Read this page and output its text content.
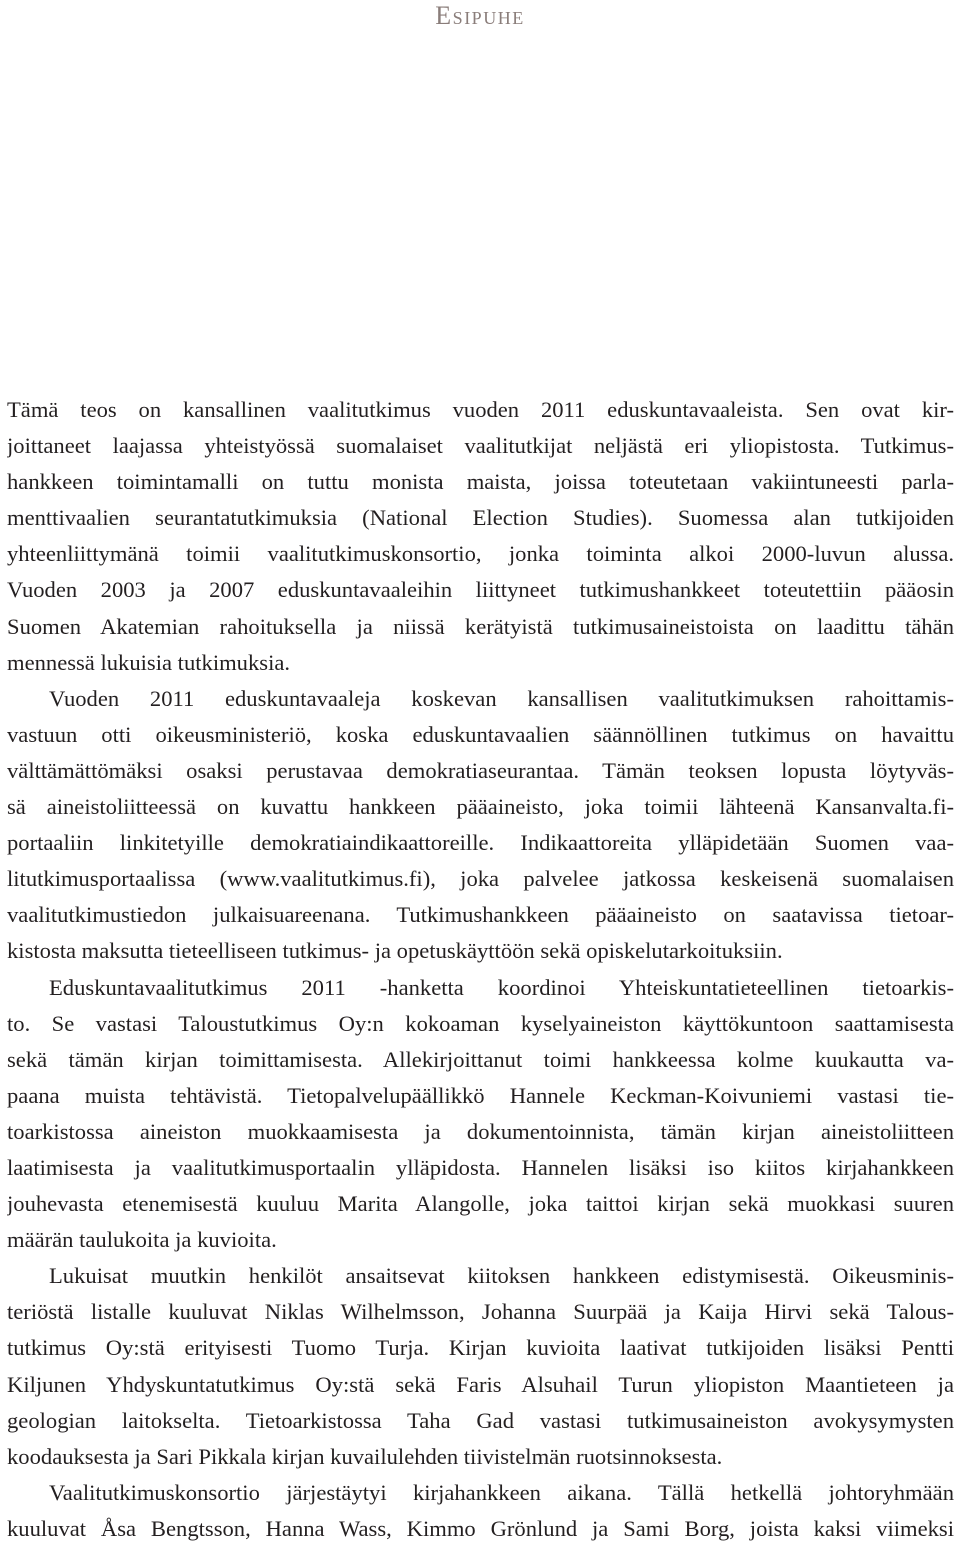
Esipuhe
Tämä teos on kansallinen vaalitutkimus vuoden 2011 eduskuntavaaleista. Sen ovat kir-
joittaneet laajassa yhteistyössä suomalaiset vaalitutkijat neljästä eri yliopistosta. Tutkimus-
hankkeen toimintamalli on tuttu monista maista, joissa toteutetaan vakiintuneesti parla-
menttivaalien seurantatutkimuksia (National Election Studies). Suomessa alan tutkijoiden
yhteenliittymänä toimii vaalitutkimuskonsortio, jonka toiminta alkoi 2000-luvun alussa.
Vuoden 2003 ja 2007 eduskuntavaaleihin liittyneet tutkimushankkeet toteutettiin pääosin
Suomen Akatemian rahoituksella ja niissä kerätyistä tutkimusaineistoista on laadittu tähän
mennessä lukuisia tutkimuksia.
Vuoden 2011 eduskuntavaaleja koskevan kansallisen vaalitutkimuksen rahoittamis-
vastuun otti oikeusministeriö, koska eduskuntavaalien säännöllinen tutkimus on havaittu
välttämättömäksi osaksi perustavaa demokratiaseurantaa. Tämän teoksen lopusta löytyväs-
sä aineistoliitteessä on kuvattu hankkeen pääaineisto, joka toimii lähteenä Kansanvalta.fi-
portaaliin linkitetyille demokratiaindikaattoreille. Indikaattoreita ylläpidetään Suomen vaa-
litutkimusportaalissa (www.vaalitutkimus.fi), joka palvelee jatkossa keskeisenä suomalaisen
vaalitutkimustiedon julkaisuareenana. Tutkimushankkeen pääaineisto on saatavissa tietoar-
kistosta maksutta tieteelliseen tutkimus- ja opetuskäyttöön sekä opiskelutarkoituksiin.
Eduskuntavaalitutkimus 2011 -hanketta koordinoi Yhteiskuntatieteellinen tietoarkis-
to. Se vastasi Taloustutkimus Oy:n kokoaman kyselyaineiston käyttökuntoon saattamisesta
sekä tämän kirjan toimittamisesta. Allekirjoittanut toimi hankkeessa kolme kuukautta va-
paana muista tehtävistä. Tietopalvelupäällikkö Hannele Keckman-Koivuniemi vastasi tie-
toarkistossa aineiston muokkaamisesta ja dokumentoinnista, tämän kirjan aineistoliitteen
laatimisesta ja vaalitutkimusportaalin ylläpidosta. Hannelen lisäksi iso kiitos kirjahankkeen
jouhevasta etenemisestä kuuluu Marita Alangolle, joka taittoi kirjan sekä muokkasi suuren
määrän taulukoita ja kuvioita.
Lukuisat muutkin henkilöt ansaitsevat kiitoksen hankkeen edistymisestä. Oikeusminis-
teriöstä listalle kuuluvat Niklas Wilhelmsson, Johanna Suurpää ja Kaija Hirvi sekä Talous-
tutkimus Oy:stä erityisesti Tuomo Turja. Kirjan kuvioita laativat tutkijoiden lisäksi Pentti
Kiljunen Yhdyskuntatutkimus Oy:stä sekä Faris Alsuhail Turun yliopiston Maantieteen ja
geologian laitokselta. Tietoarkistossa Taha Gad vastasi tutkimusaineiston avokysymysten
koodauksesta ja Sari Pikkala kirjan kuvailulehden tiivistelmän ruotsinnoksesta.
Vaalitutkimuskonsortio järjestäytyi kirjahankkeen aikana. Tällä hetkellä johtoryhmään
kuuluvat Åsa Bengtsson, Hanna Wass, Kimmo Grönlund ja Sami Borg, joista kaksi viimeksi
